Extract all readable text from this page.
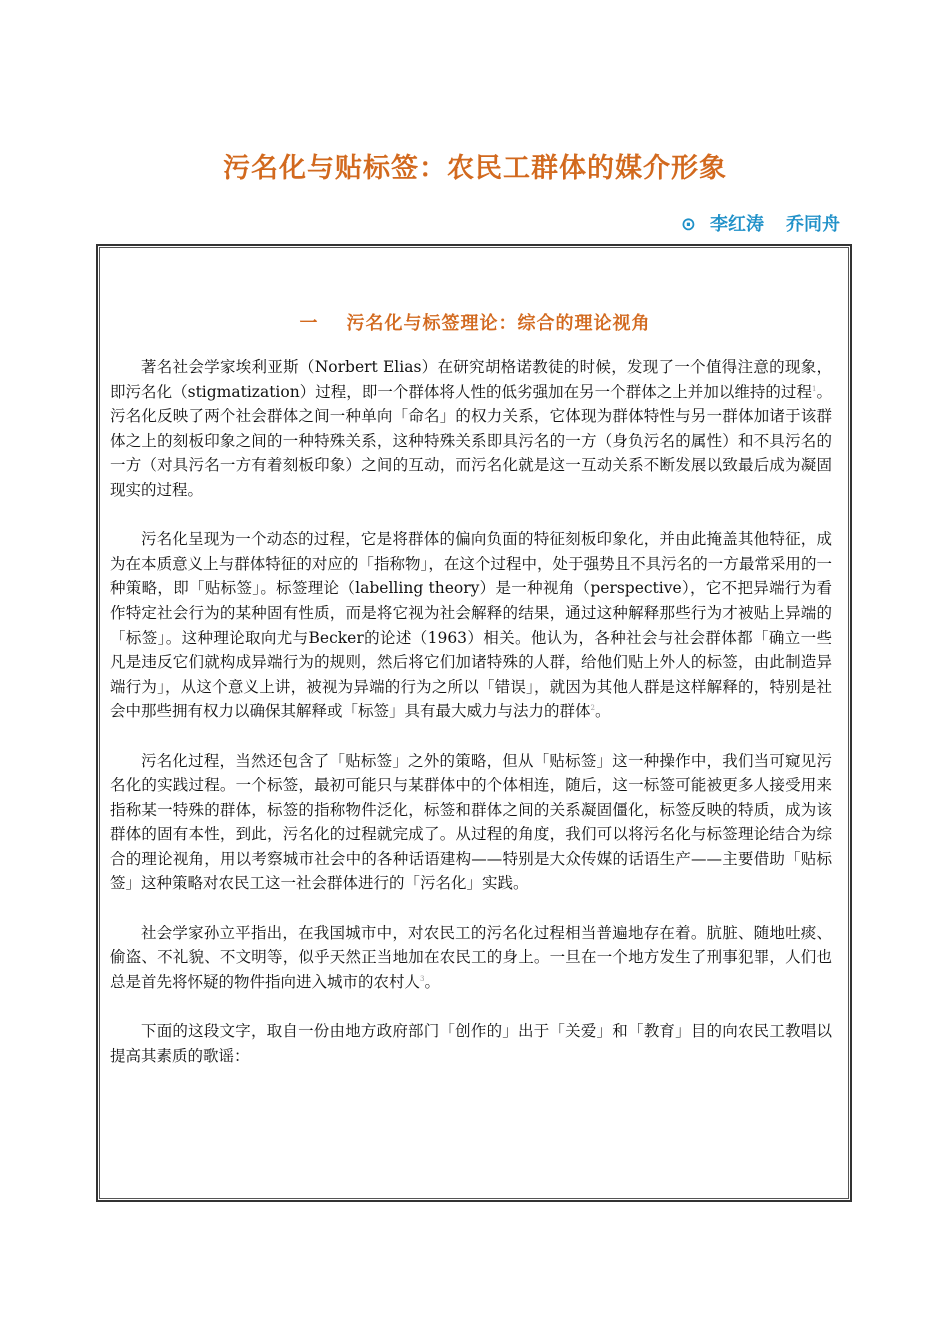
污名化与贴标签：农民工群体的媒介形象
⊙ 李红涛 乔同舟
一 污名化与标签理论：综合的理论视角

著名社会学家埃利亚斯（Norbert Elias）在研究胡格诺教徒的时候，发现了一个值得注意的现象，即污名化（stigmatization）过程，即一个群体将人性的低劣强加在另一个群体之上并加以维持的过程$^1$。污名化反映了两个社会群体之间一种单向「命名」的权力关系，它体现为群体特性与另一群体加诸于该群体之上的刻板印象之间的一种特殊关系，这种特殊关系即具污名的一方（身负污名的属性）和不具污名的一方（对具污名一方有着刻板印象）之间的互动，而污名化就是这一互动关系不断发展以致最后成为凝固现实的过程。

污名化呈现为一个动态的过程，它是将群体的偏向负面的特征刻板印象化，并由此掩盖其他特征，成为在本质意义上与群体特征的对应的「指称物」，在这个过程中，处于强势且不具污名的一方最常采用的一种策略，即「贴标签」。标签理论（labelling theory）是一种视角（perspective），它不把异端行为看作特定社会行为的某种固有性质，而是将它视为社会解释的结果，通过这种解释那些行为才被贴上异端的「标签」。这种理论取向尤与Becker的论述（1963）相关。他认为，各种社会与社会群体都「确立一些凡是违反它们就构成异端行为的规则，然后将它们加诸特殊的人群，给他们贴上外人的标签，由此制造异端行为」，从这个意义上讲，被视为异端的行为之所以「错误」，就因为其他人群是这样解释的，特别是社会中那些拥有权力以确保其解释或「标签」具有最大威力与法力的群体$^2$。

污名化过程，当然还包含了「贴标签」之外的策略，但从「贴标签」这一种操作中，我们当可窥见污名化的实践过程。一个标签，最初可能只与某群体中的个体相连，随后，这一标签可能被更多人接受用来指称某一特殊的群体，标签的指称物件泛化，标签和群体之间的关系凝固僵化，标签反映的特质，成为该群体的固有本性，到此，污名化的过程就完成了。从过程的角度，我们可以将污名化与标签理论结合为综合的理论视角，用以考察城市社会中的各种话语建构——特别是大众传媒的话语生产——主要借助「贴标签」这种策略对农民工这一社会群体进行的「污名化」实践。

社会学家孙立平指出，在我国城市中，对农民工的污名化过程相当普遍地存在着。肮脏、随地吐痰、偷盗、不礼貌、不文明等，似乎天然正当地加在农民工的身上。一旦在一个地方发生了刑事犯罪，人们也总是首先将怀疑的物件指向进入城市的农村人$^3$。

下面的这段文字，取自一份由地方政府部门「创作的」出于「关爱」和「教育」目的向农民工教唱以提高其素质的歌谣：
